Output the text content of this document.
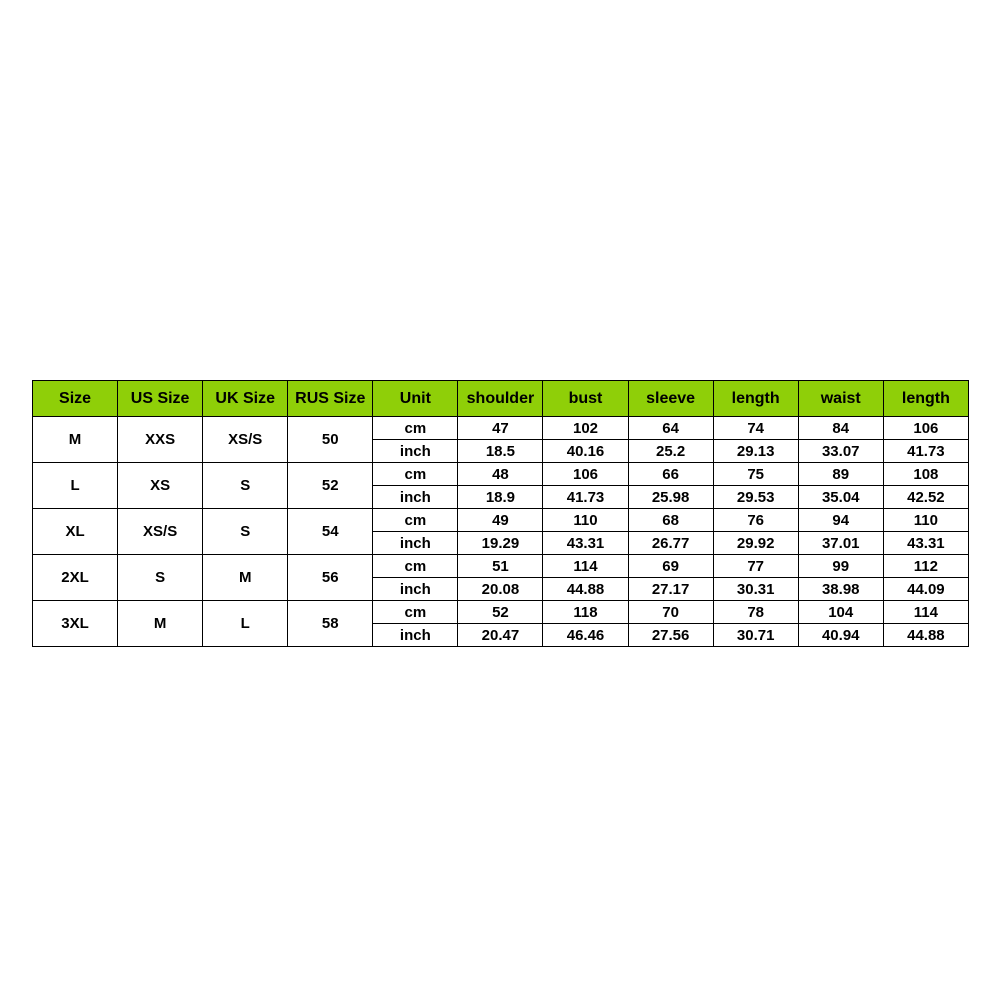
Size	US Size	UK Size	RUS Size	Unit	shoulder	bust	sleeve	length	waist	length
M	XXS	XS/S	50	cm	47	102	64	74	84	106
				inch	18.5	40.16	25.2	29.13	33.07	41.73
L	XS	S	52	cm	48	106	66	75	89	108
				inch	18.9	41.73	25.98	29.53	35.04	42.52
XL	XS/S	S	54	cm	49	110	68	76	94	110
				inch	19.29	43.31	26.77	29.92	37.01	43.31
2XL	S	M	56	cm	51	114	69	77	99	112
				inch	20.08	44.88	27.17	30.31	38.98	44.09
3XL	M	L	58	cm	52	118	70	78	104	114
				inch	20.47	46.46	27.56	30.71	40.94	44.88
